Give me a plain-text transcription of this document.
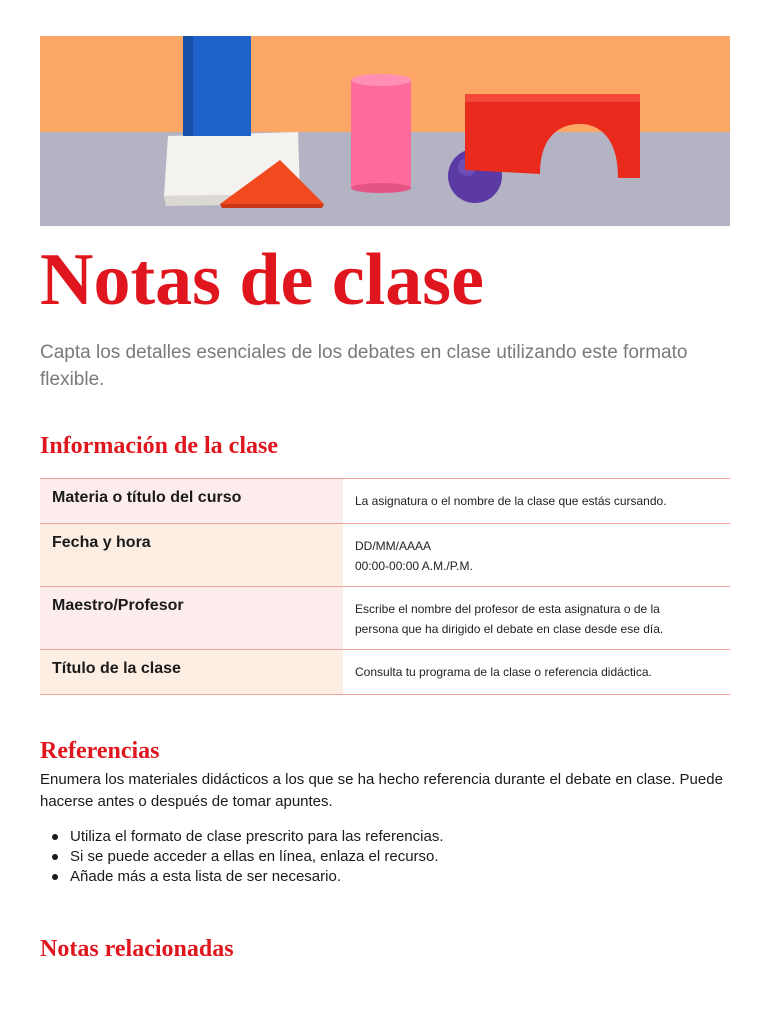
Notas de clase

Capta los detalles esenciales de los debates en clase utilizando este formato flexible.

Información de la clase
Materia o título del curso	La asignatura o el nombre de la clase que estás cursando.

Fecha y hora	DD/MM/AAAA
00:00-00:00 A.M./P.M.

Maestro/Profesor	Escribe el nombre del profesor de esta asignatura o de la
persona que ha dirigido el debate en clase desde ese día.

Título de la clase	Consulta tu programa de la clase o referencia didáctica.
Referencias

Enumera los materiales didácticos a los que se ha hecho referencia durante el debate en clase. Puede hacerse antes o después de tomar apuntes.

Utiliza el formato de clase prescrito para las referencias.
Si se puede acceder a ellas en línea, enlaza el recurso.
Añade más a esta lista de ser necesario.
Notas relacionadas
